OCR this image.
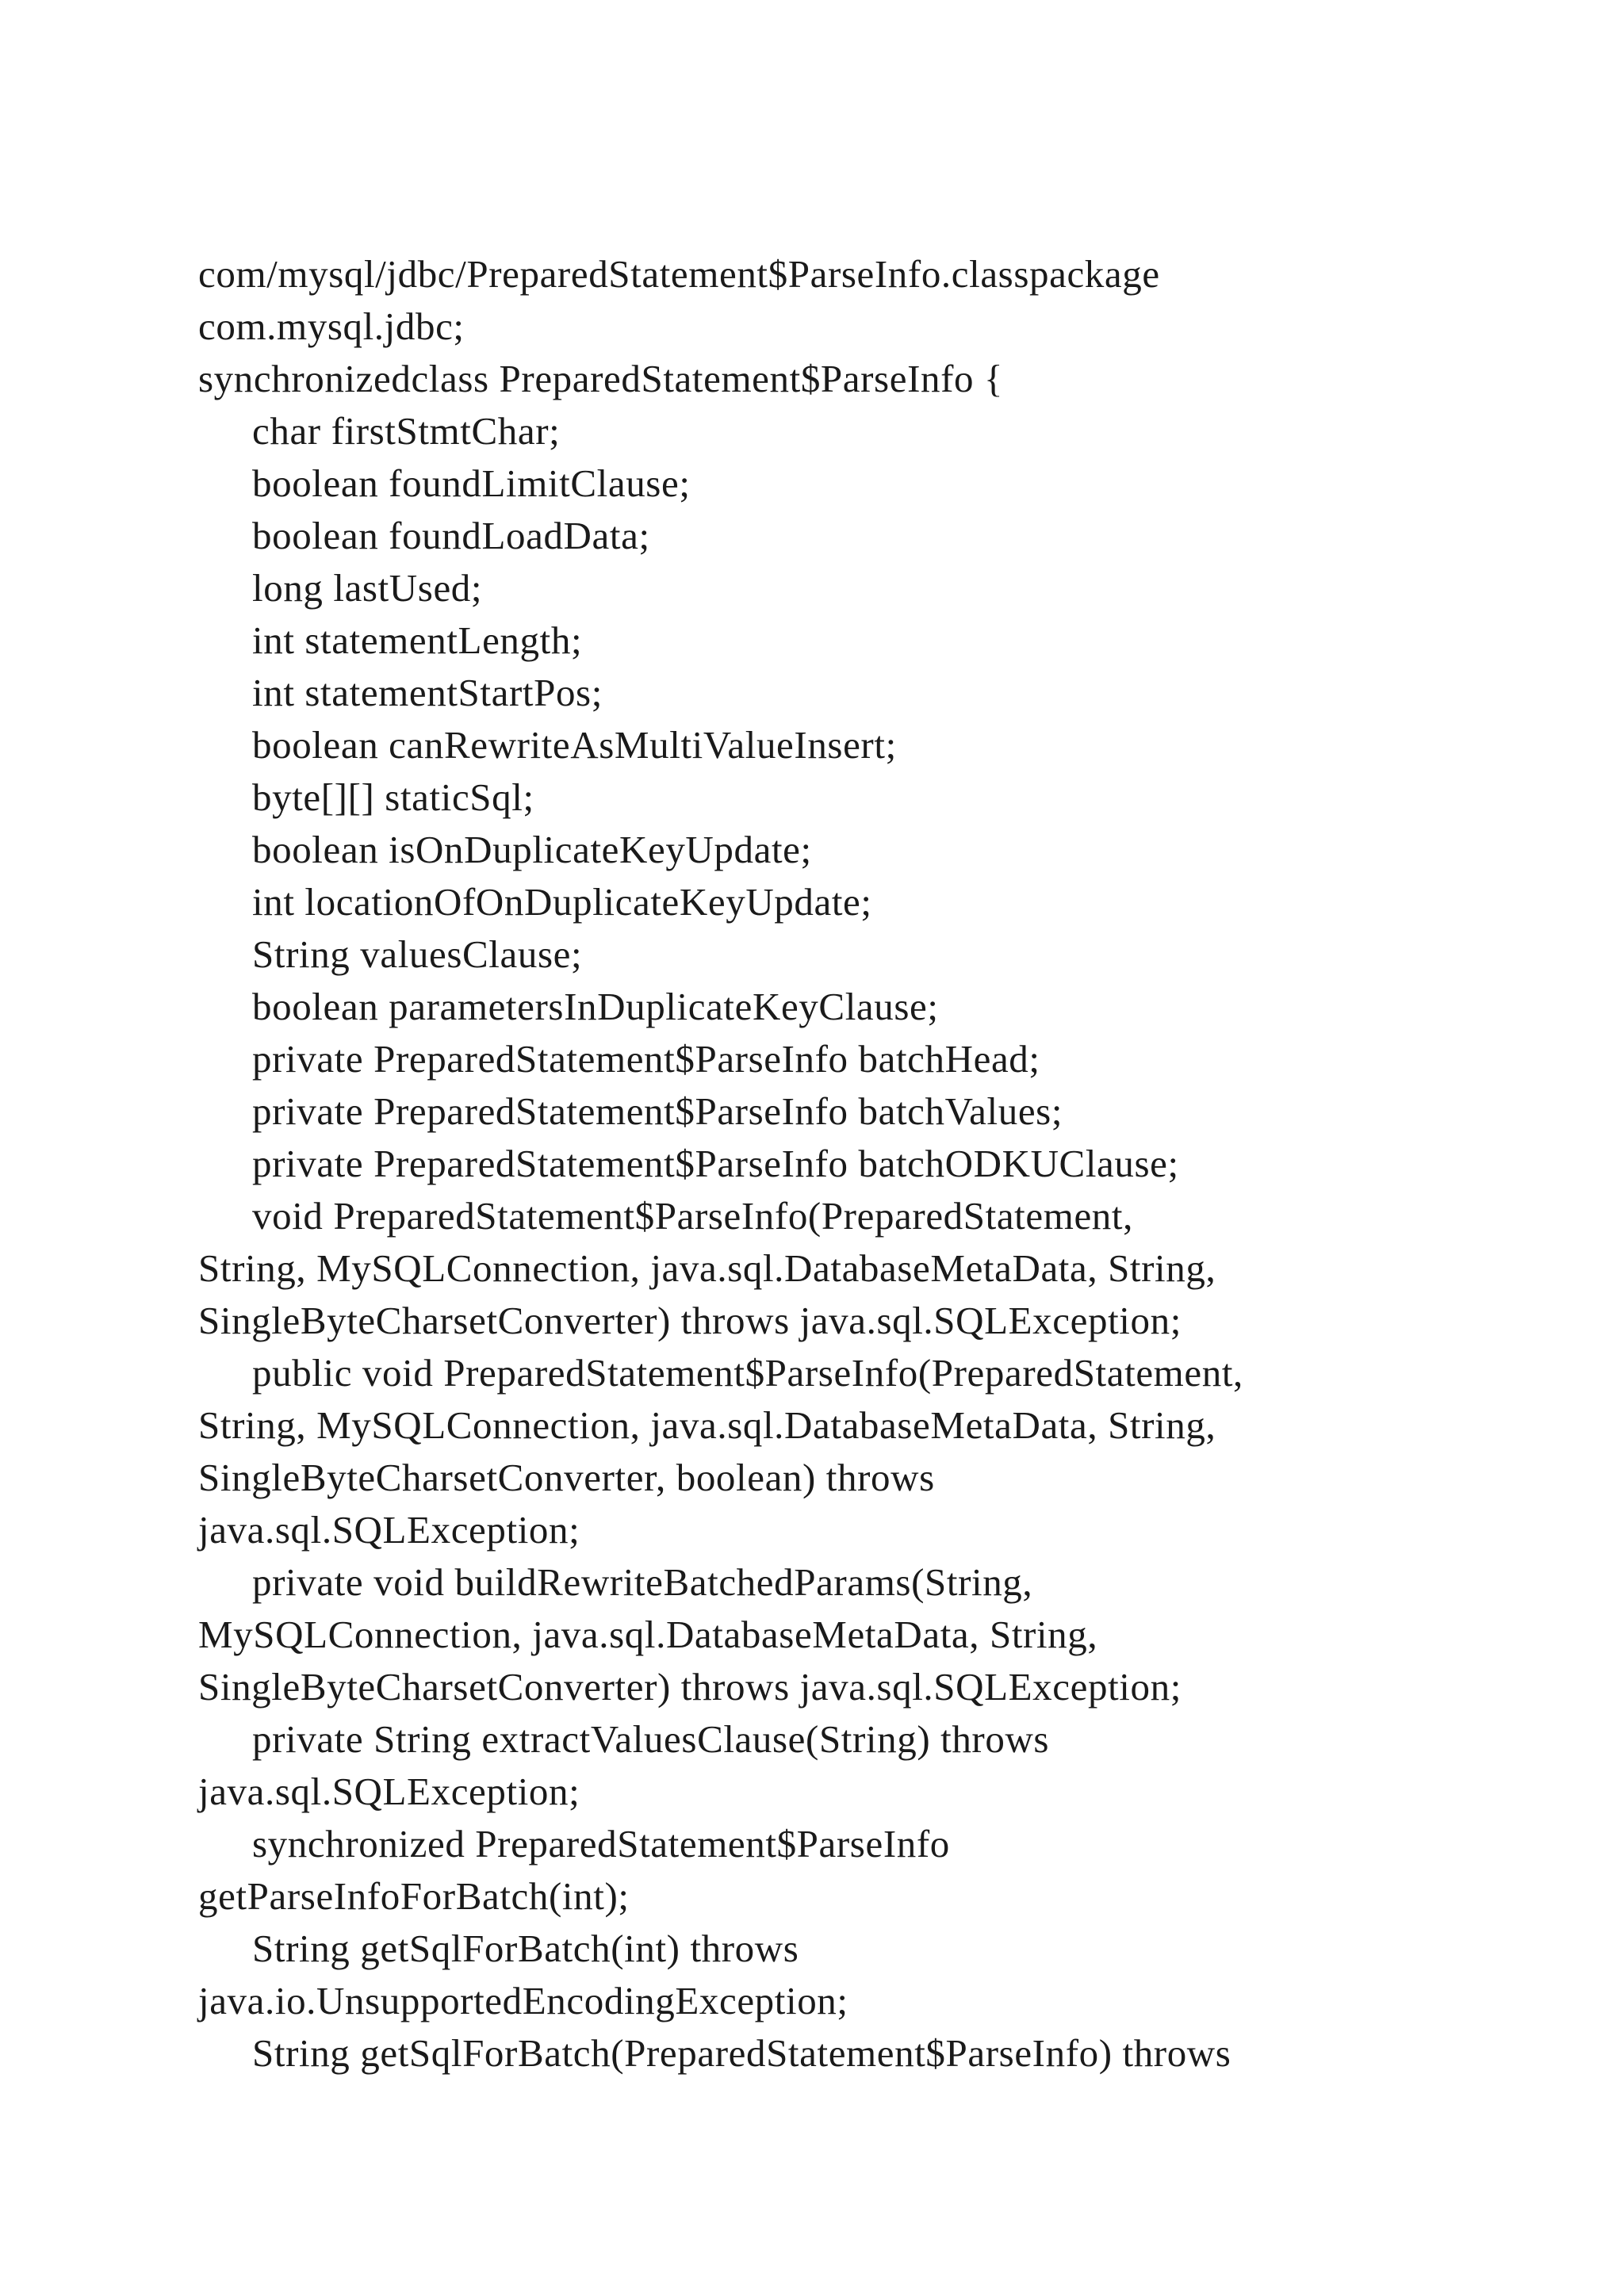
com/mysql/jdbc/PreparedStatement$ParseInfo.classpackage
com.mysql.jdbc;
synchronizedclass PreparedStatement$ParseInfo {
char firstStmtChar;
boolean foundLimitClause;
boolean foundLoadData;
long lastUsed;
int statementLength;
int statementStartPos;
boolean canRewriteAsMultiValueInsert;
byte[][] staticSql;
boolean isOnDuplicateKeyUpdate;
int locationOfOnDuplicateKeyUpdate;
String valuesClause;
boolean parametersInDuplicateKeyClause;
private PreparedStatement$ParseInfo batchHead;
private PreparedStatement$ParseInfo batchValues;
private PreparedStatement$ParseInfo batchODKUClause;
void PreparedStatement$ParseInfo(PreparedStatement,
String, MySQLConnection, java.sql.DatabaseMetaData, String,
SingleByteCharsetConverter) throws java.sql.SQLException;
public void PreparedStatement$ParseInfo(PreparedStatement,
String, MySQLConnection, java.sql.DatabaseMetaData, String,
SingleByteCharsetConverter, boolean) throws
java.sql.SQLException;
private void buildRewriteBatchedParams(String,
MySQLConnection, java.sql.DatabaseMetaData, String,
SingleByteCharsetConverter) throws java.sql.SQLException;
private String extractValuesClause(String) throws
java.sql.SQLException;
synchronized PreparedStatement$ParseInfo
getParseInfoForBatch(int);
String getSqlForBatch(int) throws
java.io.UnsupportedEncodingException;
String getSqlForBatch(PreparedStatement$ParseInfo) throws
